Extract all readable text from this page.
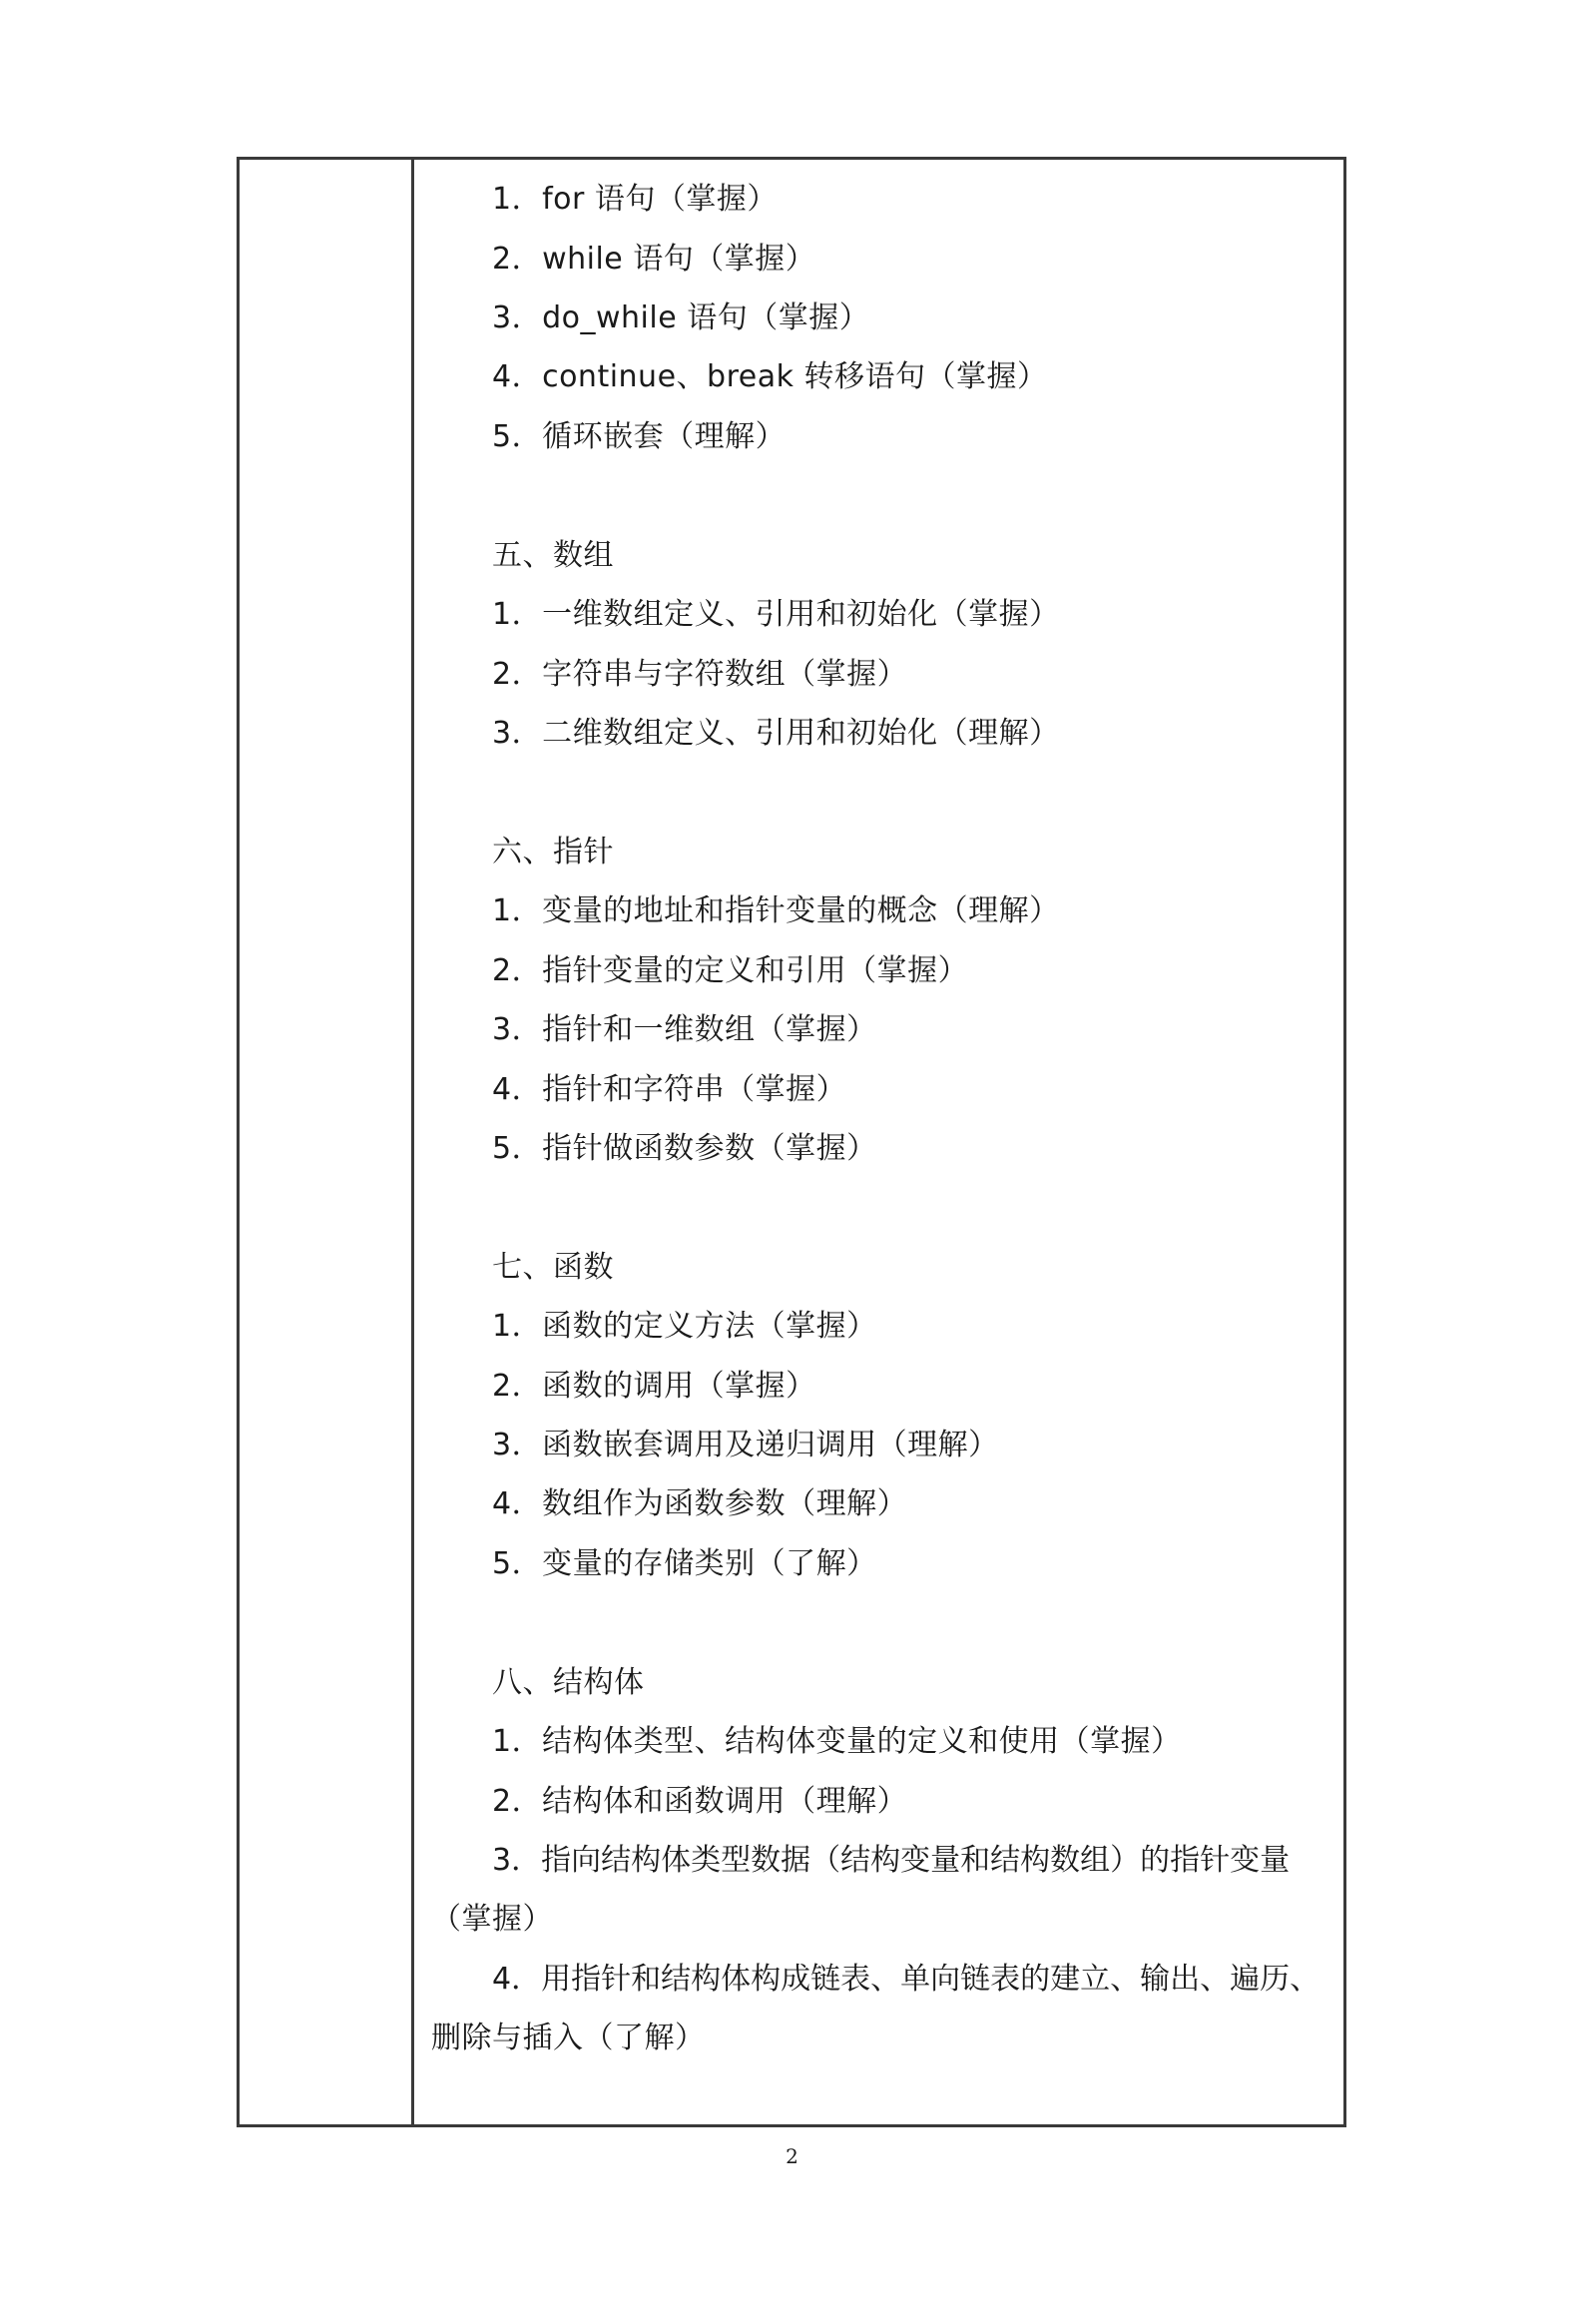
1．for 语句（掌握）
2．while 语句（掌握）
3．do_while 语句（掌握）
4．continue、break 转移语句（掌握）
5．循环嵌套（理解）
五、数组
1．一维数组定义、引用和初始化（掌握）
2．字符串与字符数组（掌握）
3．二维数组定义、引用和初始化（理解）
六、指针
1．变量的地址和指针变量的概念（理解）
2．指针变量的定义和引用（掌握）
3．指针和一维数组（掌握）
4．指针和字符串（掌握）
5．指针做函数参数（掌握）
七、函数
1．函数的定义方法（掌握）
2．函数的调用（掌握）
3．函数嵌套调用及递归调用（理解）
4．数组作为函数参数（理解）
5．变量的存储类别（了解）
八、结构体
1．结构体类型、结构体变量的定义和使用（掌握）
2．结构体和函数调用（理解）
3．指向结构体类型数据（结构变量和结构数组）的指针变量
（掌握）
4．用指针和结构体构成链表、单向链表的建立、输出、遍历、
删除与插入（了解）
2
